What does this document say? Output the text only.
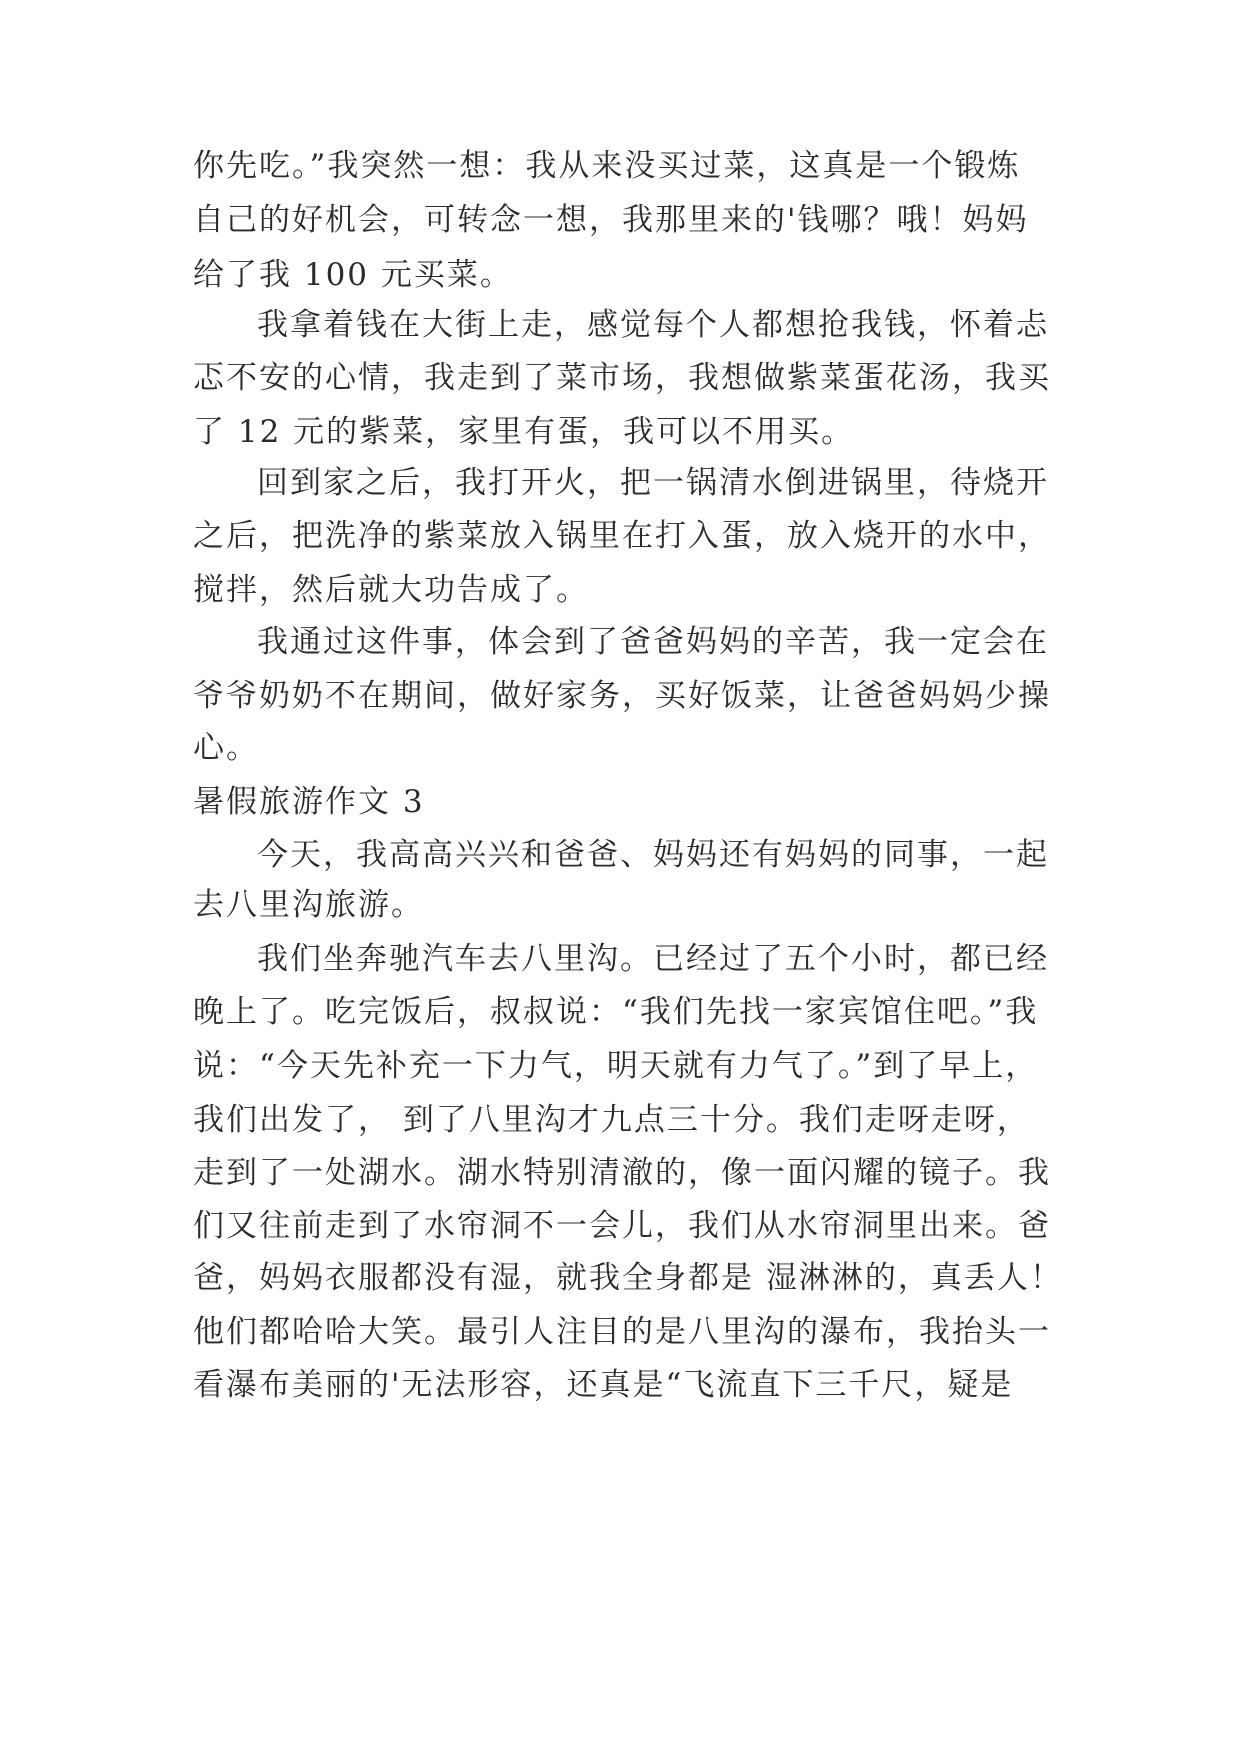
你先吃。”我突然一想：我从来没买过菜，这真是一个锻炼

自己的好机会，可转念一想，我那里来的'钱哪？哦！妈妈

给了我 100 元买菜。

我拿着钱在大街上走，感觉每个人都想抢我钱，怀着忐

忑不安的心情，我走到了菜市场，我想做紫菜蛋花汤，我买

了 12 元的紫菜，家里有蛋，我可以不用买。

回到家之后，我打开火，把一锅清水倒进锅里，待烧开

之后，把洗净的紫菜放入锅里在打入蛋，放入烧开的水中，

搅拌，然后就大功告成了。

我通过这件事，体会到了爸爸妈妈的辛苦，我一定会在

爷爷奶奶不在期间，做好家务，买好饭菜，让爸爸妈妈少操

心。

暑假旅游作文 3

今天，我高高兴兴和爸爸、妈妈还有妈妈的同事，一起

去八里沟旅游。

我们坐奔驰汽车去八里沟。已经过了五个小时，都已经

晚上了。吃完饭后，叔叔说：“我们先找一家宾馆住吧。”我

说：“今天先补充一下力气，明天就有力气了。”到了早上，

我们出发了， 到了八里沟才九点三十分。我们走呀走呀，

走到了一处湖水。湖水特别清澈的，像一面闪耀的镜子。我

们又往前走到了水帘洞不一会儿，我们从水帘洞里出来。爸

爸，妈妈衣服都没有湿，就我全身都是 湿淋淋的，真丢人！

他们都哈哈大笑。最引人注目的是八里沟的瀑布，我抬头一

看瀑布美丽的'无法形容，还真是“飞流直下三千尺，疑是
